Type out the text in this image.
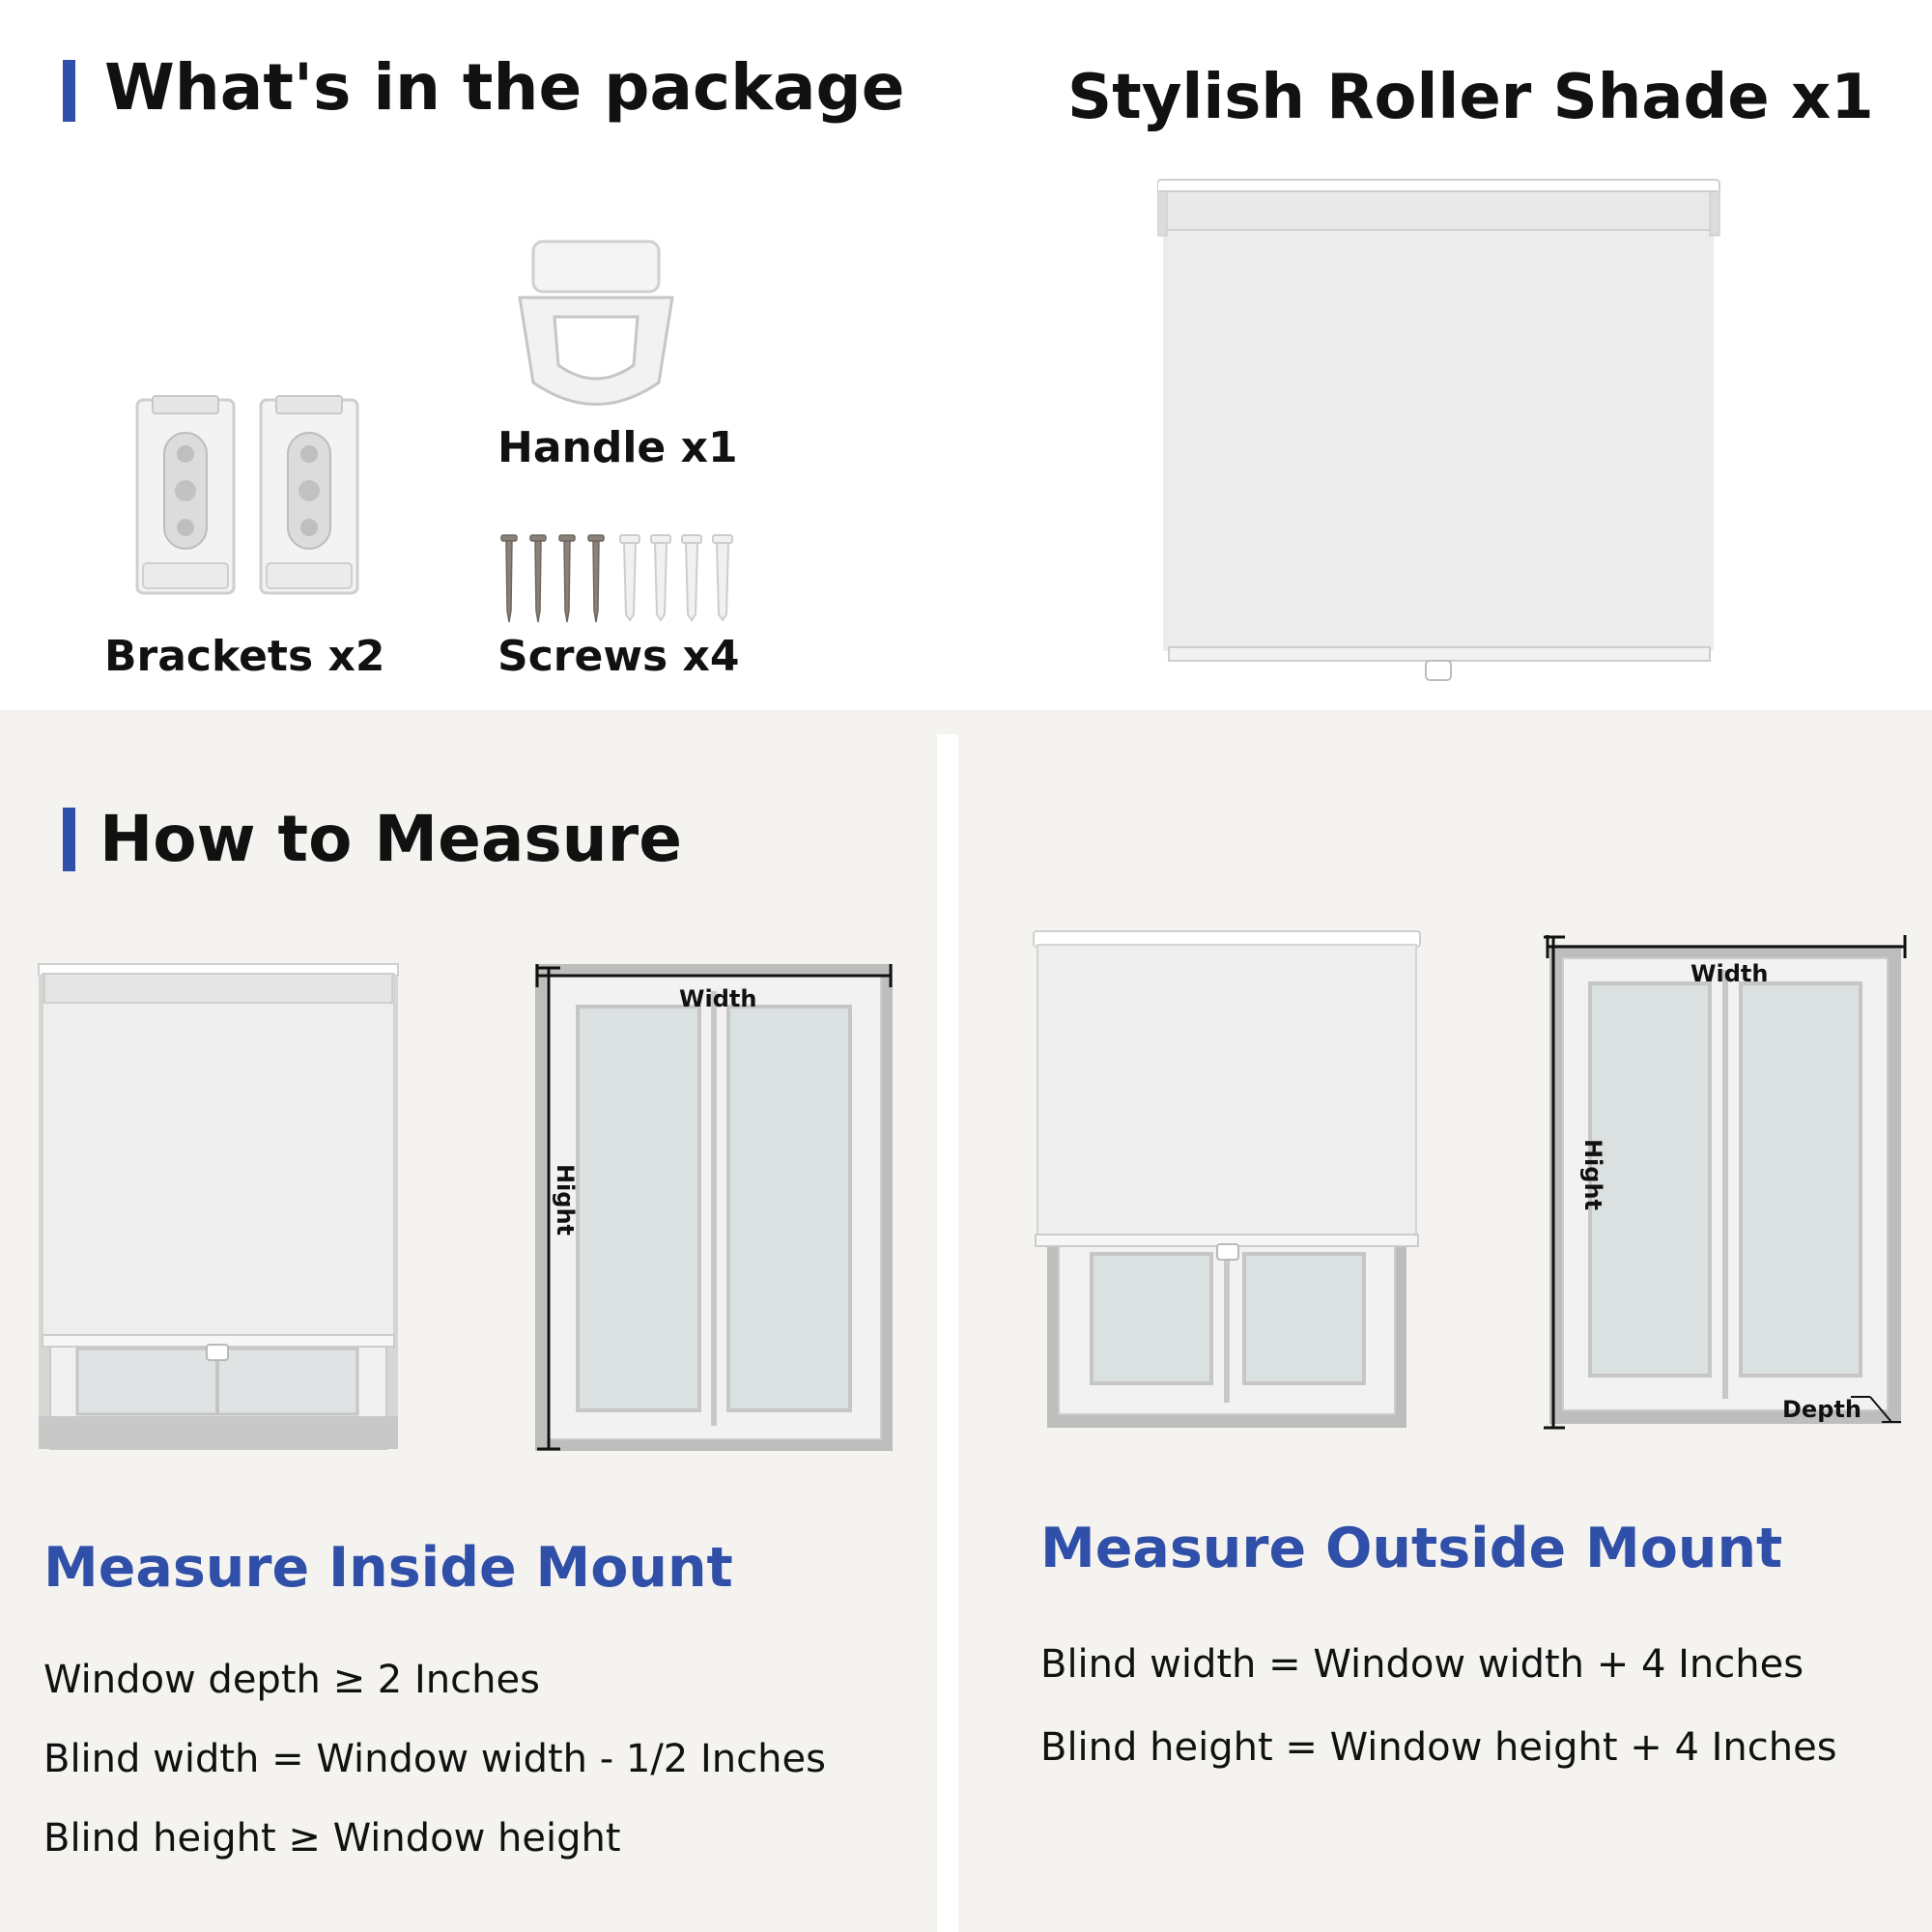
What's in the package	Stylish Roller Shade x1
Brackets x2
Handle x1
Screws x4
How to Measure
Width
Hight
Width
Hight
Depth
Measure Inside Mount
Window depth ≥ 2 Inches
Blind width = Window width - 1/2 Inches
Blind height ≥ Window height
Measure Outside Mount
Blind width = Window width + 4 Inches
Blind height = Window height + 4 Inches
